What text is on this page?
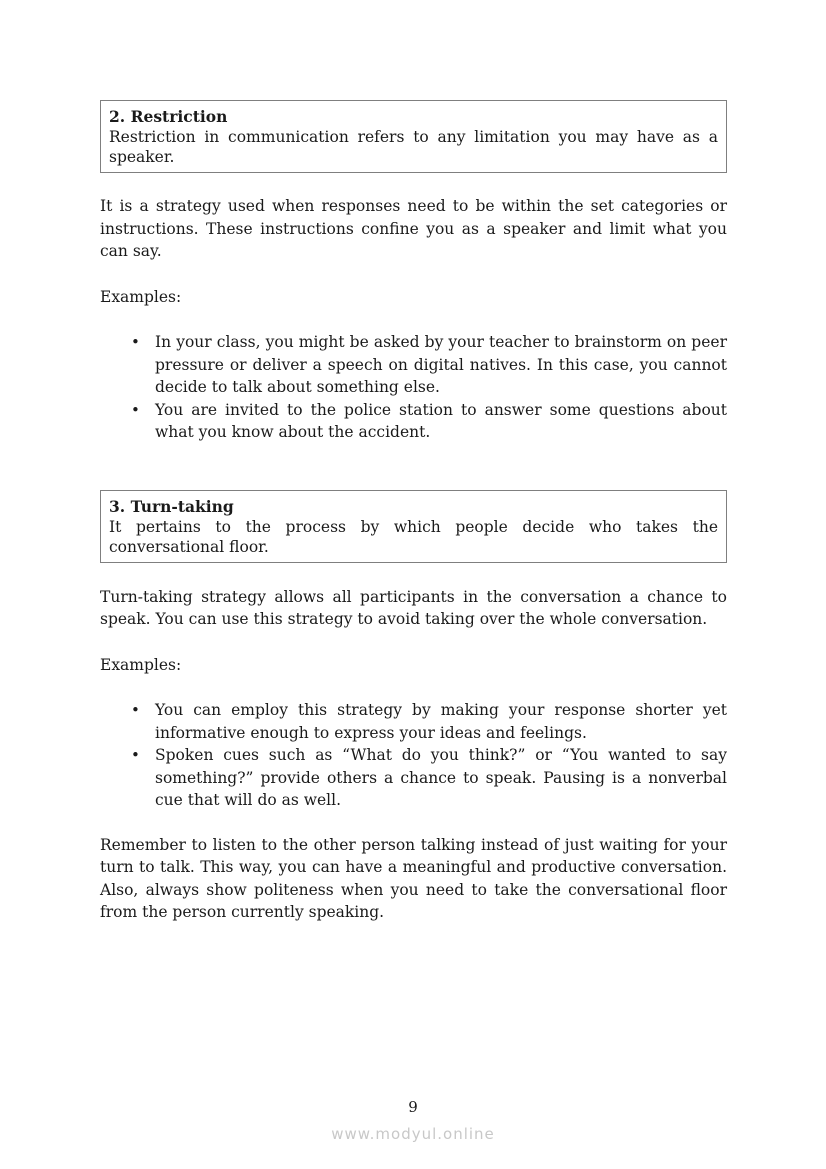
2. Restriction
Restriction in communication refers to any limitation you may have as a speaker.

It is a strategy used when responses need to be within the set categories or instructions. These instructions confine you as a speaker and limit what you can say.

Examples:

• In your class, you might be asked by your teacher to brainstorm on peer pressure or deliver a speech on digital natives. In this case, you cannot decide to talk about something else.
• You are invited to the police station to answer some questions about what you know about the accident.
3. Turn-taking
It pertains to the process by which people decide who takes the conversational floor.

Turn-taking strategy allows all participants in the conversation a chance to speak. You can use this strategy to avoid taking over the whole conversation.

Examples:

• You can employ this strategy by making your response shorter yet informative enough to express your ideas and feelings.
• Spoken cues such as “What do you think?” or “You wanted to say something?” provide others a chance to speak. Pausing is a nonverbal cue that will do as well.

Remember to listen to the other person talking instead of just waiting for your turn to talk. This way, you can have a meaningful and productive conversation. Also, always show politeness when you need to take the conversational floor from the person currently speaking.

9
www.modyul.online
